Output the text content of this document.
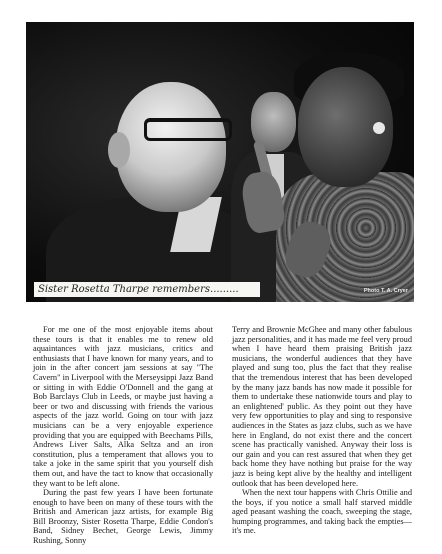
Sister Rosetta Tharpe remembers.........	Photo T. A. Cryer

For me one of the most enjoyable items about these tours is that it enables me to renew old aquaintances with jazz musicians, critics and enthusiasts that I have known for many years, and to join in the after concert jam sessions at say "The Cavern" in Liverpool with the Merseysippi Jazz Band or sitting in with Eddie O'Donnell and the gang at Bob Barclays Club in Leeds, or maybe just having a beer or two and discussing with friends the various aspects of the jazz world. Going on tour with jazz musicians can be a very enjoyable experience providing that you are equipped with Beechams Pills, Andrews Liver Salts, Alka Seltza and an iron constitution, plus a temperament that allows you to take a joke in the same spirit that you yourself dish them out, and have the tact to know that occasionally they want to be left alone.

During the past few years I have been fortunate enough to have been on many of these tours with the British and American jazz artists, for example Big Bill Broonzy, Sister Rosetta Tharpe, Eddie Condon's Band, Sidney Bechet, George Lewis, Jimmy Rushing, Sonny

Terry and Brownie McGhee and many other fabulous jazz personalities, and it has made me feel very proud when I have heard them praising British jazz musicians, the wonderful audiences that they have played and sung too, plus the fact that they realise that the tremendous interest that has been developed by the many jazz bands has now made it possible for them to undertake these nationwide tours and play to an enlightened' public. As they point out they have very few opportunities to play and sing to responsive audiences in the States as jazz clubs, such as we have here in England, do not exist there and the concert scene has practically vanished. Anyway their loss is our gain and you can rest assured that when they get back home they have nothing but praise for the way jazz is being kept alive by the healthy and intelligent outlook that has been developed here.

When the next tour happens with Chris Ottilie and the boys, if you notice a small half starved middle aged peasant washing the coach, sweeping the stage, humping programmes, and taking back the empties—it's me.
